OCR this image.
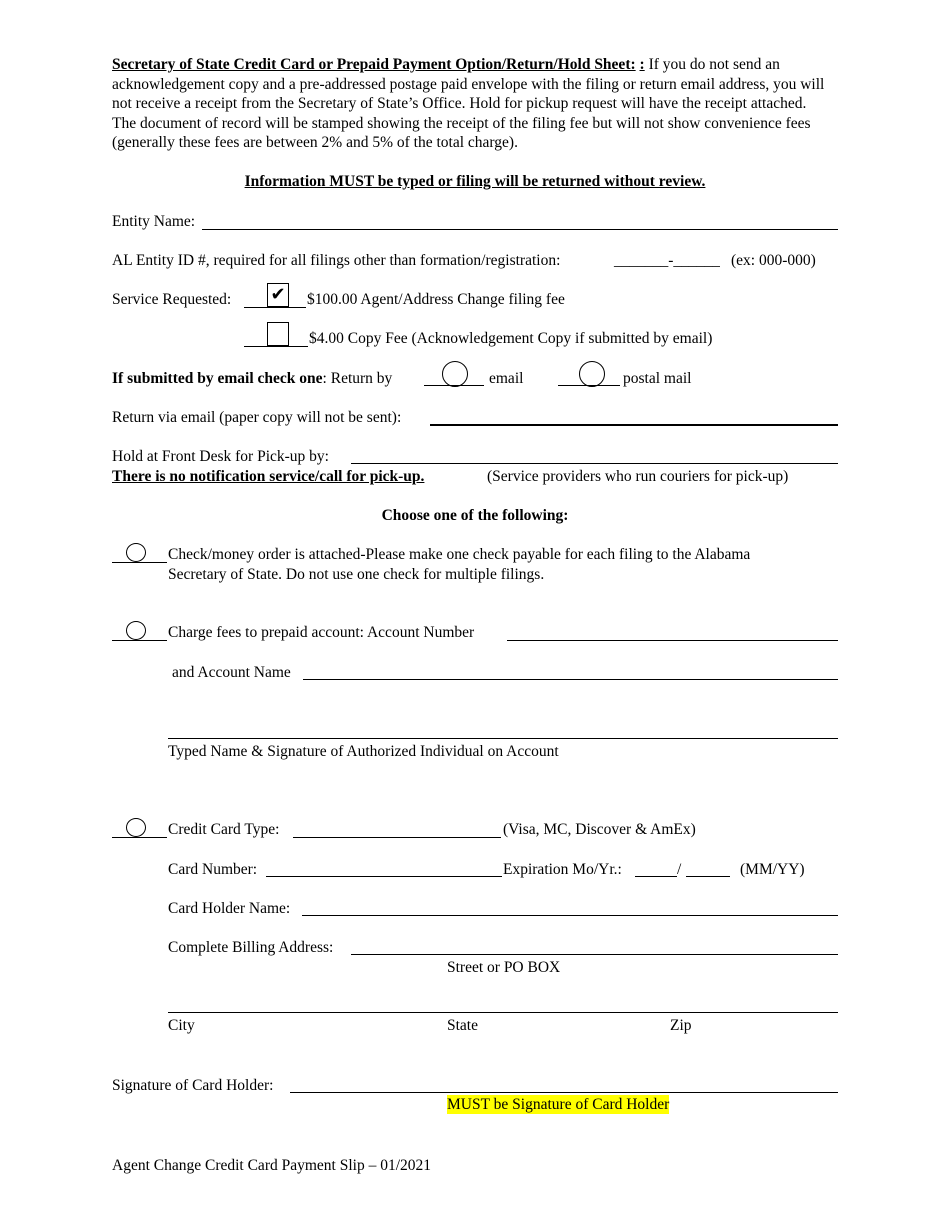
Secretary of State Credit Card or Prepaid Payment Option/Return/Hold Sheet: : If you do not send an acknowledgement copy and a pre-addressed postage paid envelope with the filing or return email address, you will not receive a receipt from the Secretary of State’s Office. Hold for pickup request will have the receipt attached. The document of record will be stamped showing the receipt of the filing fee but will not show convenience fees (generally these fees are between 2% and 5% of the total charge).
Information MUST be typed or filing will be returned without review.
Entity Name:
AL Entity ID #, required for all filings other than formation/registration:	_______-______ (ex: 000-000)
Service Requested: ✔ $100.00 Agent/Address Change filing fee
$4.00 Copy Fee (Acknowledgement Copy if submitted by email)
If submitted by email check one: Return by	email	postal mail
Return via email (paper copy will not be sent):
Hold at Front Desk for Pick-up by:
There is no notification service/call for pick-up.	(Service providers who run couriers for pick-up)
Choose one of the following:
Check/money order is attached-Please make one check payable for each filing to the Alabama
Secretary of State. Do not use one check for multiple filings.
Charge fees to prepaid account: Account Number
and Account Name
Typed Name & Signature of Authorized Individual on Account
Credit Card Type:	(Visa, MC, Discover & AmEx)
Card Number:	Expiration Mo/Yr.:	/	(MM/YY)
Card Holder Name:
Complete Billing Address:
Street or PO BOX
City	State	Zip
Signature of Card Holder:
MUST be Signature of Card Holder
Agent Change Credit Card Payment Slip – 01/2021
